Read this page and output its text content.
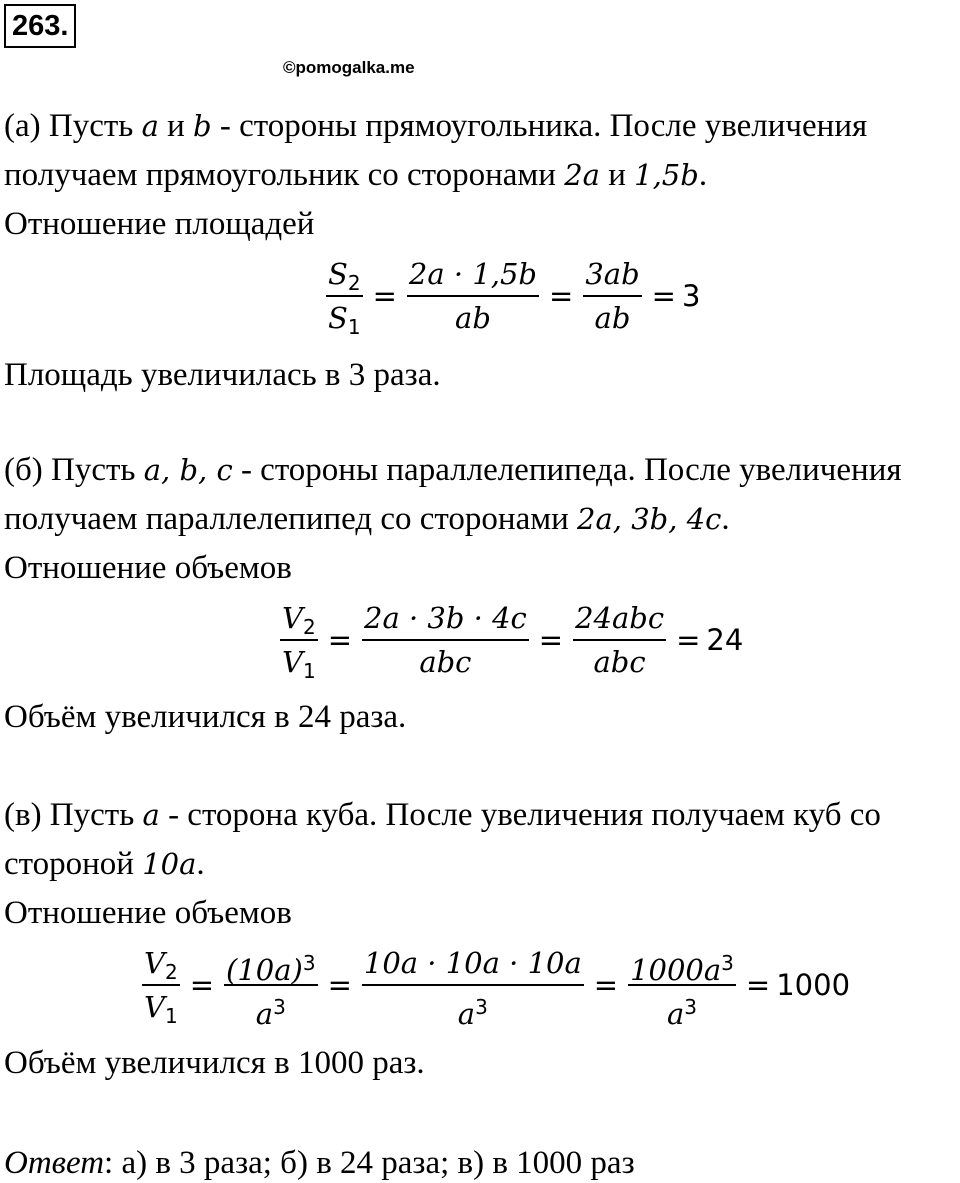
263.
©pomogalka.me
(а) Пусть a и b - стороны прямоугольника. После увеличения
получаем прямоугольник со сторонами 2a и 1,5b.
Отношение площадей
$\frac{S_2}{S_1} = \frac{2a \cdot 1,5b}{ab} = \frac{3ab}{ab} = 3$
Площадь увеличилась в 3 раза.
(б) Пусть a, b, c - стороны параллелепипеда. После увеличения
получаем параллелепипед со сторонами 2a, 3b, 4c.
Отношение объемов
$\frac{V_2}{V_1} = \frac{2a \cdot 3b \cdot 4c}{\text{abc}} = \frac{\text{24abc}}{\text{abc}} = 24$
Объём увеличился в 24 раза.
(в) Пусть a - сторона куба. После увеличения получаем куб со
стороной 10a.
Отношение объемов
$\frac{V_2}{V_1} = \frac{(10a)^3}{a^3} = \frac{10a \cdot 10a \cdot 10a}{a^3} = \frac{1000a^3}{a^3} = 1000$
Объём увеличился в 1000 раз.
Ответ: а) в 3 раза; б) в 24 раза; в) в 1000 раз
